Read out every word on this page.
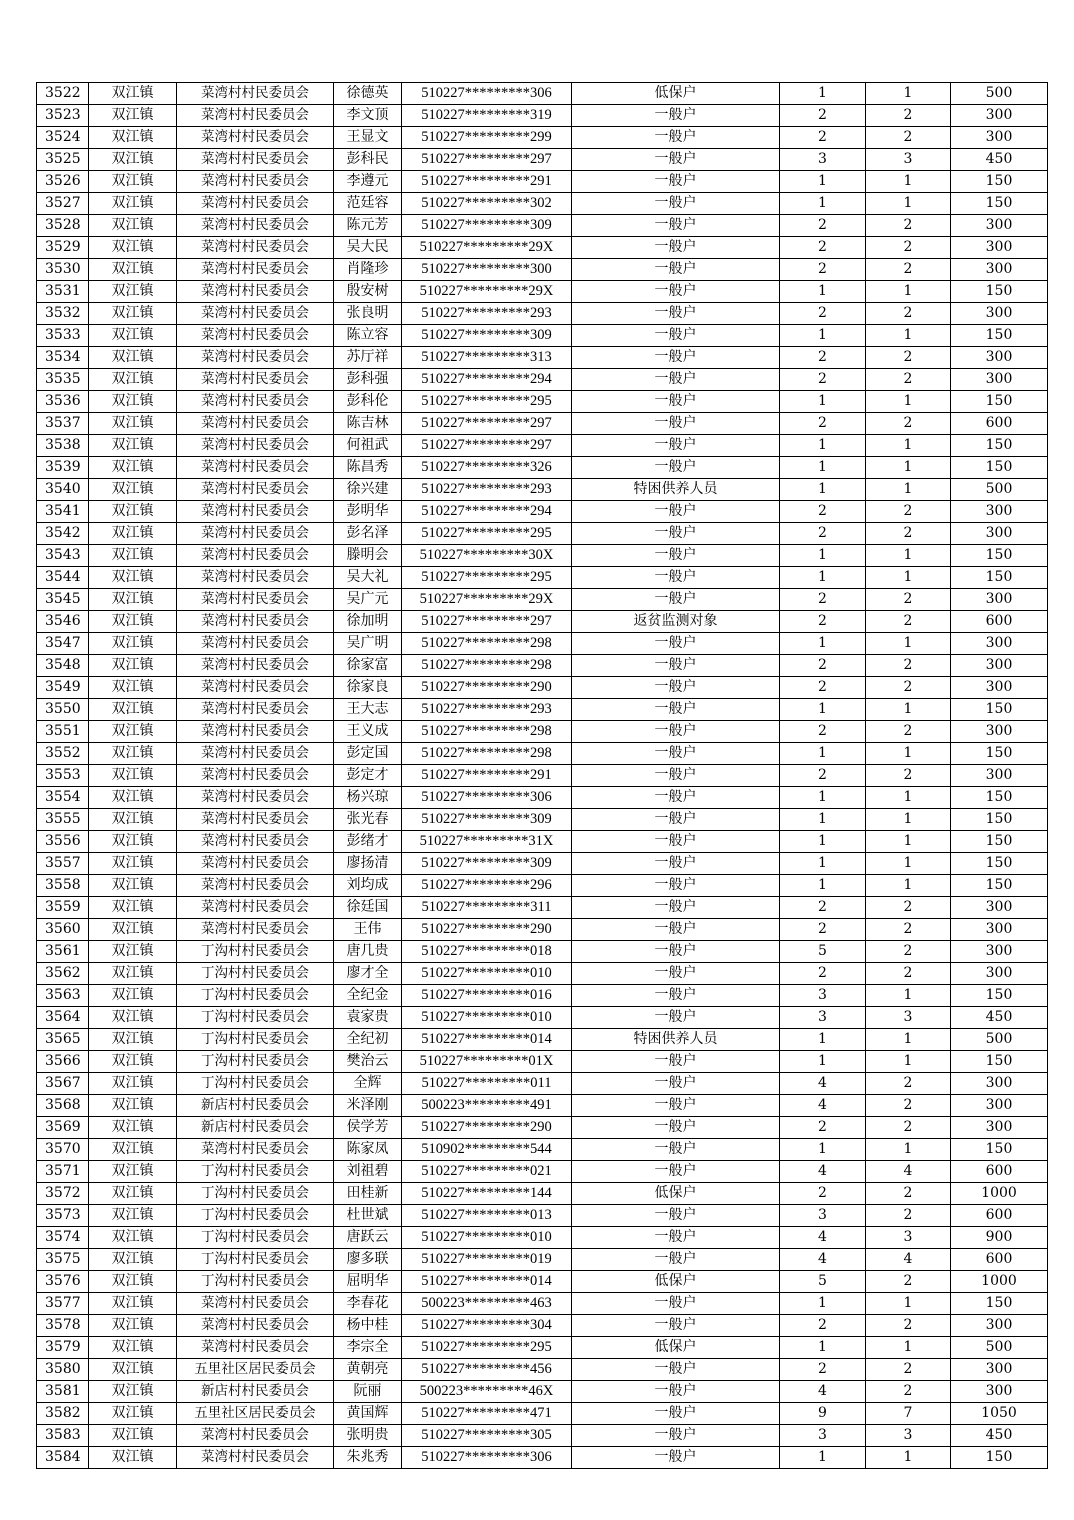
3522	双江镇	菜湾村村民委员会	徐德英	510227*********306	低保户	1	1	500
3523	双江镇	菜湾村村民委员会	李文顶	510227*********319	一般户	2	2	300
3524	双江镇	菜湾村村民委员会	王显文	510227*********299	一般户	2	2	300
3525	双江镇	菜湾村村民委员会	彭科民	510227*********297	一般户	3	3	450
3526	双江镇	菜湾村村民委员会	李遵元	510227*********291	一般户	1	1	150
3527	双江镇	菜湾村村民委员会	范廷容	510227*********302	一般户	1	1	150
3528	双江镇	菜湾村村民委员会	陈元芳	510227*********309	一般户	2	2	300
3529	双江镇	菜湾村村民委员会	吴大民	510227*********29X	一般户	2	2	300
3530	双江镇	菜湾村村民委员会	肖隆珍	510227*********300	一般户	2	2	300
3531	双江镇	菜湾村村民委员会	殷安树	510227*********29X	一般户	1	1	150
3532	双江镇	菜湾村村民委员会	张良明	510227*********293	一般户	2	2	300
3533	双江镇	菜湾村村民委员会	陈立容	510227*********309	一般户	1	1	150
3534	双江镇	菜湾村村民委员会	苏厅祥	510227*********313	一般户	2	2	300
3535	双江镇	菜湾村村民委员会	彭科强	510227*********294	一般户	2	2	300
3536	双江镇	菜湾村村民委员会	彭科伦	510227*********295	一般户	1	1	150
3537	双江镇	菜湾村村民委员会	陈吉林	510227*********297	一般户	2	2	600
3538	双江镇	菜湾村村民委员会	何祖武	510227*********297	一般户	1	1	150
3539	双江镇	菜湾村村民委员会	陈昌秀	510227*********326	一般户	1	1	150
3540	双江镇	菜湾村村民委员会	徐兴建	510227*********293	特困供养人员	1	1	500
3541	双江镇	菜湾村村民委员会	彭明华	510227*********294	一般户	2	2	300
3542	双江镇	菜湾村村民委员会	彭名泽	510227*********295	一般户	2	2	300
3543	双江镇	菜湾村村民委员会	滕明会	510227*********30X	一般户	1	1	150
3544	双江镇	菜湾村村民委员会	吴大礼	510227*********295	一般户	1	1	150
3545	双江镇	菜湾村村民委员会	吴广元	510227*********29X	一般户	2	2	300
3546	双江镇	菜湾村村民委员会	徐加明	510227*********297	返贫监测对象	2	2	600
3547	双江镇	菜湾村村民委员会	吴广明	510227*********298	一般户	1	1	300
3548	双江镇	菜湾村村民委员会	徐家富	510227*********298	一般户	2	2	300
3549	双江镇	菜湾村村民委员会	徐家良	510227*********290	一般户	2	2	300
3550	双江镇	菜湾村村民委员会	王大志	510227*********293	一般户	1	1	150
3551	双江镇	菜湾村村民委员会	王义成	510227*********298	一般户	2	2	300
3552	双江镇	菜湾村村民委员会	彭定国	510227*********298	一般户	1	1	150
3553	双江镇	菜湾村村民委员会	彭定才	510227*********291	一般户	2	2	300
3554	双江镇	菜湾村村民委员会	杨兴琼	510227*********306	一般户	1	1	150
3555	双江镇	菜湾村村民委员会	张光春	510227*********309	一般户	1	1	150
3556	双江镇	菜湾村村民委员会	彭绪才	510227*********31X	一般户	1	1	150
3557	双江镇	菜湾村村民委员会	廖扬清	510227*********309	一般户	1	1	150
3558	双江镇	菜湾村村民委员会	刘均成	510227*********296	一般户	1	1	150
3559	双江镇	菜湾村村民委员会	徐廷国	510227*********311	一般户	2	2	300
3560	双江镇	菜湾村村民委员会	王伟	510227*********290	一般户	2	2	300
3561	双江镇	丁沟村村民委员会	唐几贵	510227*********018	一般户	5	2	300
3562	双江镇	丁沟村村民委员会	廖才全	510227*********010	一般户	2	2	300
3563	双江镇	丁沟村村民委员会	全纪金	510227*********016	一般户	3	1	150
3564	双江镇	丁沟村村民委员会	袁家贵	510227*********010	一般户	3	3	450
3565	双江镇	丁沟村村民委员会	全纪初	510227*********014	特困供养人员	1	1	500
3566	双江镇	丁沟村村民委员会	樊治云	510227*********01X	一般户	1	1	150
3567	双江镇	丁沟村村民委员会	全辉	510227*********011	一般户	4	2	300
3568	双江镇	新店村村民委员会	米泽刚	500223*********491	一般户	4	2	300
3569	双江镇	新店村村民委员会	侯学芳	510227*********290	一般户	2	2	300
3570	双江镇	菜湾村村民委员会	陈家凤	510902*********544	一般户	1	1	150
3571	双江镇	丁沟村村民委员会	刘祖碧	510227*********021	一般户	4	4	600
3572	双江镇	丁沟村村民委员会	田桂新	510227*********144	低保户	2	2	1000
3573	双江镇	丁沟村村民委员会	杜世斌	510227*********013	一般户	3	2	600
3574	双江镇	丁沟村村民委员会	唐跃云	510227*********010	一般户	4	3	900
3575	双江镇	丁沟村村民委员会	廖多联	510227*********019	一般户	4	4	600
3576	双江镇	丁沟村村民委员会	屈明华	510227*********014	低保户	5	2	1000
3577	双江镇	菜湾村村民委员会	李春花	500223*********463	一般户	1	1	150
3578	双江镇	菜湾村村民委员会	杨中桂	510227*********304	一般户	2	2	300
3579	双江镇	菜湾村村民委员会	李宗全	510227*********295	低保户	1	1	500
3580	双江镇	五里社区居民委员会	黄朝亮	510227*********456	一般户	2	2	300
3581	双江镇	新店村村民委员会	阮丽	500223*********46X	一般户	4	2	300
3582	双江镇	五里社区居民委员会	黄国辉	510227*********471	一般户	9	7	1050
3583	双江镇	菜湾村村民委员会	张明贵	510227*********305	一般户	3	3	450
3584	双江镇	菜湾村村民委员会	朱兆秀	510227*********306	一般户	1	1	150
